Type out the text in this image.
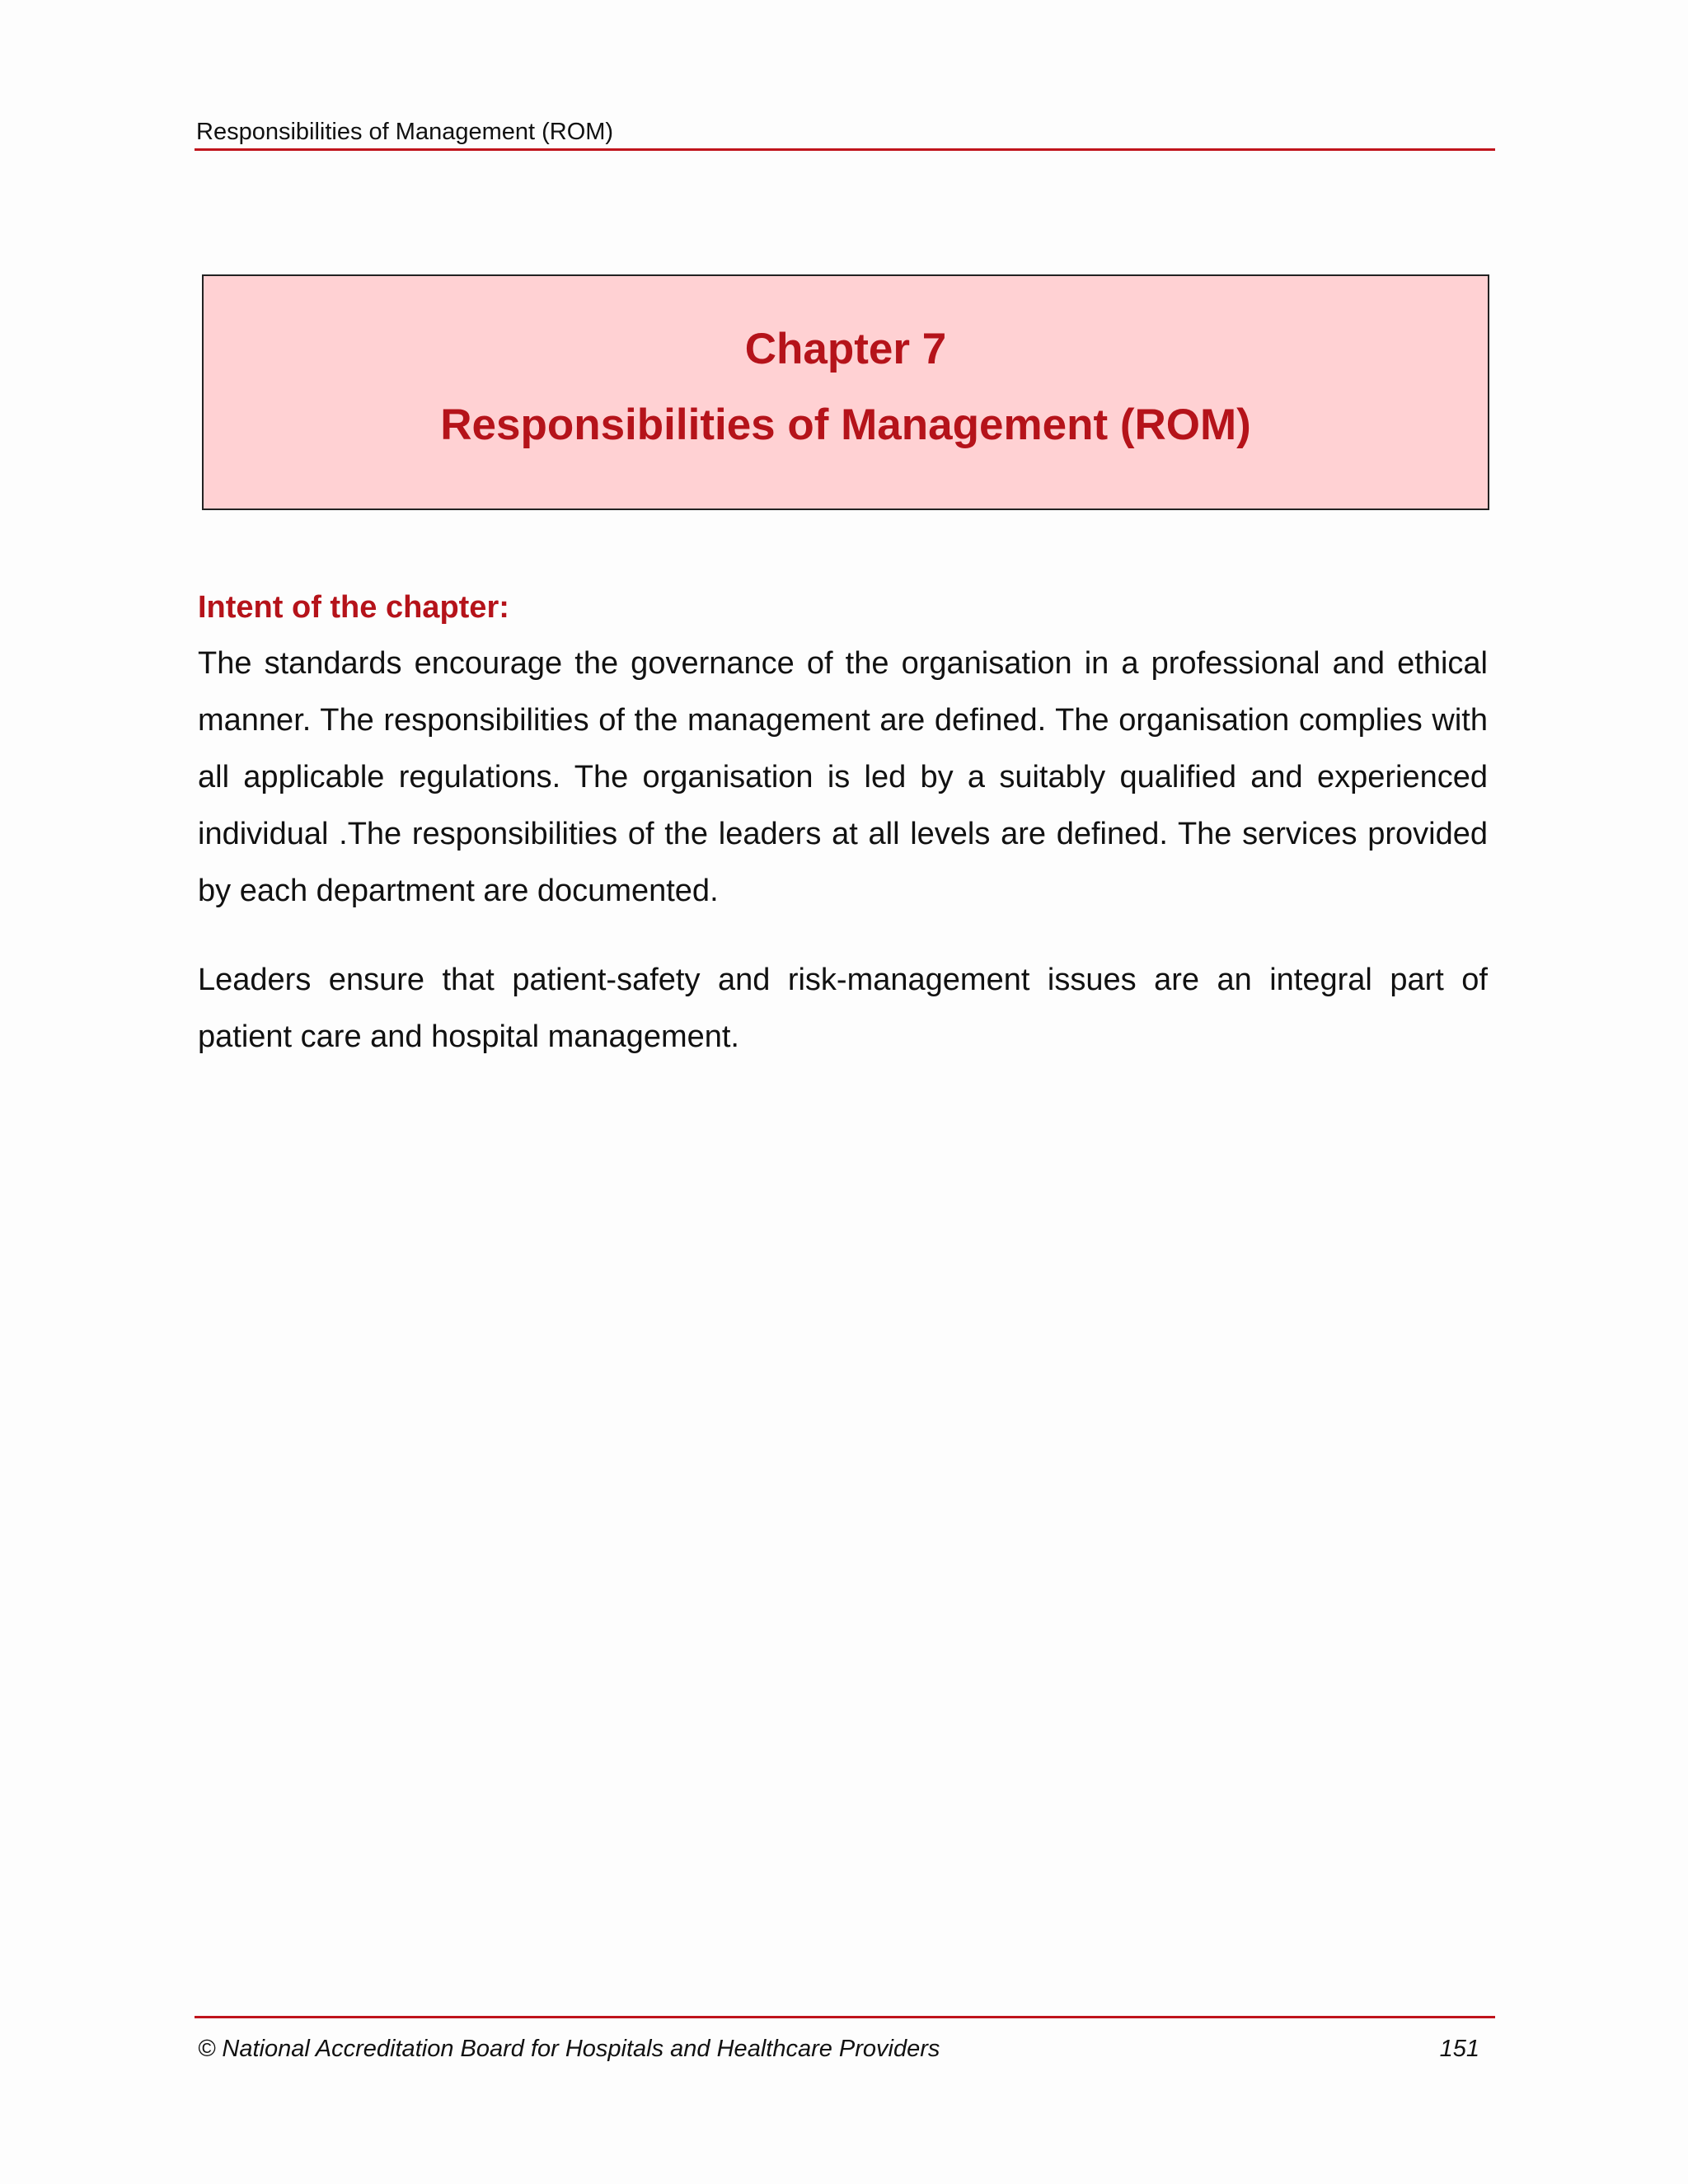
Responsibilities of Management (ROM)
Chapter 7
Responsibilities of Management (ROM)
Intent of the chapter:

The standards encourage the governance of the organisation in a professional and ethical manner. The responsibilities of the management are defined. The organisation complies with all applicable regulations. The organisation is led by a suitably qualified and experienced individual .The responsibilities of the leaders at all levels are defined. The services provided by each department are documented.

Leaders ensure that patient-safety and risk-management issues are an integral part of patient care and hospital management.

© National Accreditation Board for Hospitals and Healthcare Providers	151
